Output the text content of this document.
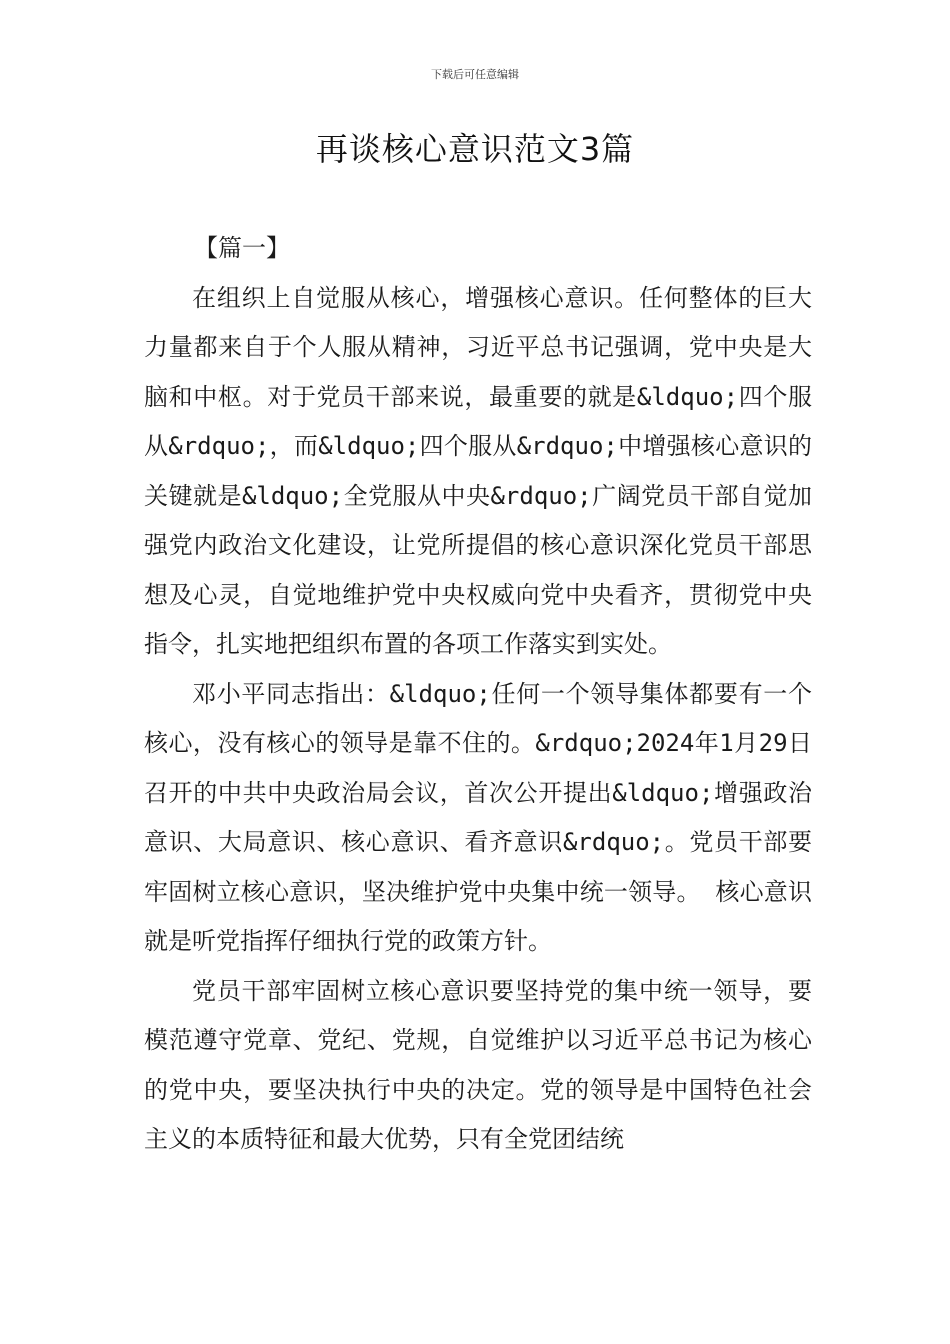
下载后可任意编辑
再谈核心意识范文3篇

【篇一】

在组织上自觉服从核心，增强核心意识。任何整体的巨大力量都来自于个人服从精神，习近平总书记强调，党中央是大脑和中枢。对于党员干部来说，最重要的就是&ldquo;四个服从&rdquo;，而&ldquo;四个服从&rdquo;中增强核心意识的关键就是&ldquo;全党服从中央&rdquo;广阔党员干部自觉加强党内政治文化建设，让党所提倡的核心意识深化党员干部思想及心灵，自觉地维护党中央权威向党中央看齐，贯彻党中央指令，扎实地把组织布置的各项工作落实到实处。

邓小平同志指出：&ldquo;任何一个领导集体都要有一个核心，没有核心的领导是靠不住的。&rdquo;2024年1月29日召开的中共中央政治局会议，首次公开提出&ldquo;增强政治意识、大局意识、核心意识、看齐意识&rdquo;。党员干部要牢固树立核心意识，坚决维护党中央集中统一领导。 核心意识就是听党指挥仔细执行党的政策方针。

党员干部牢固树立核心意识要坚持党的集中统一领导，要模范遵守党章、党纪、党规，自觉维护以习近平总书记为核心的党中央，要坚决执行中央的决定。党的领导是中国特色社会主义的本质特征和最大优势，只有全党团结统
